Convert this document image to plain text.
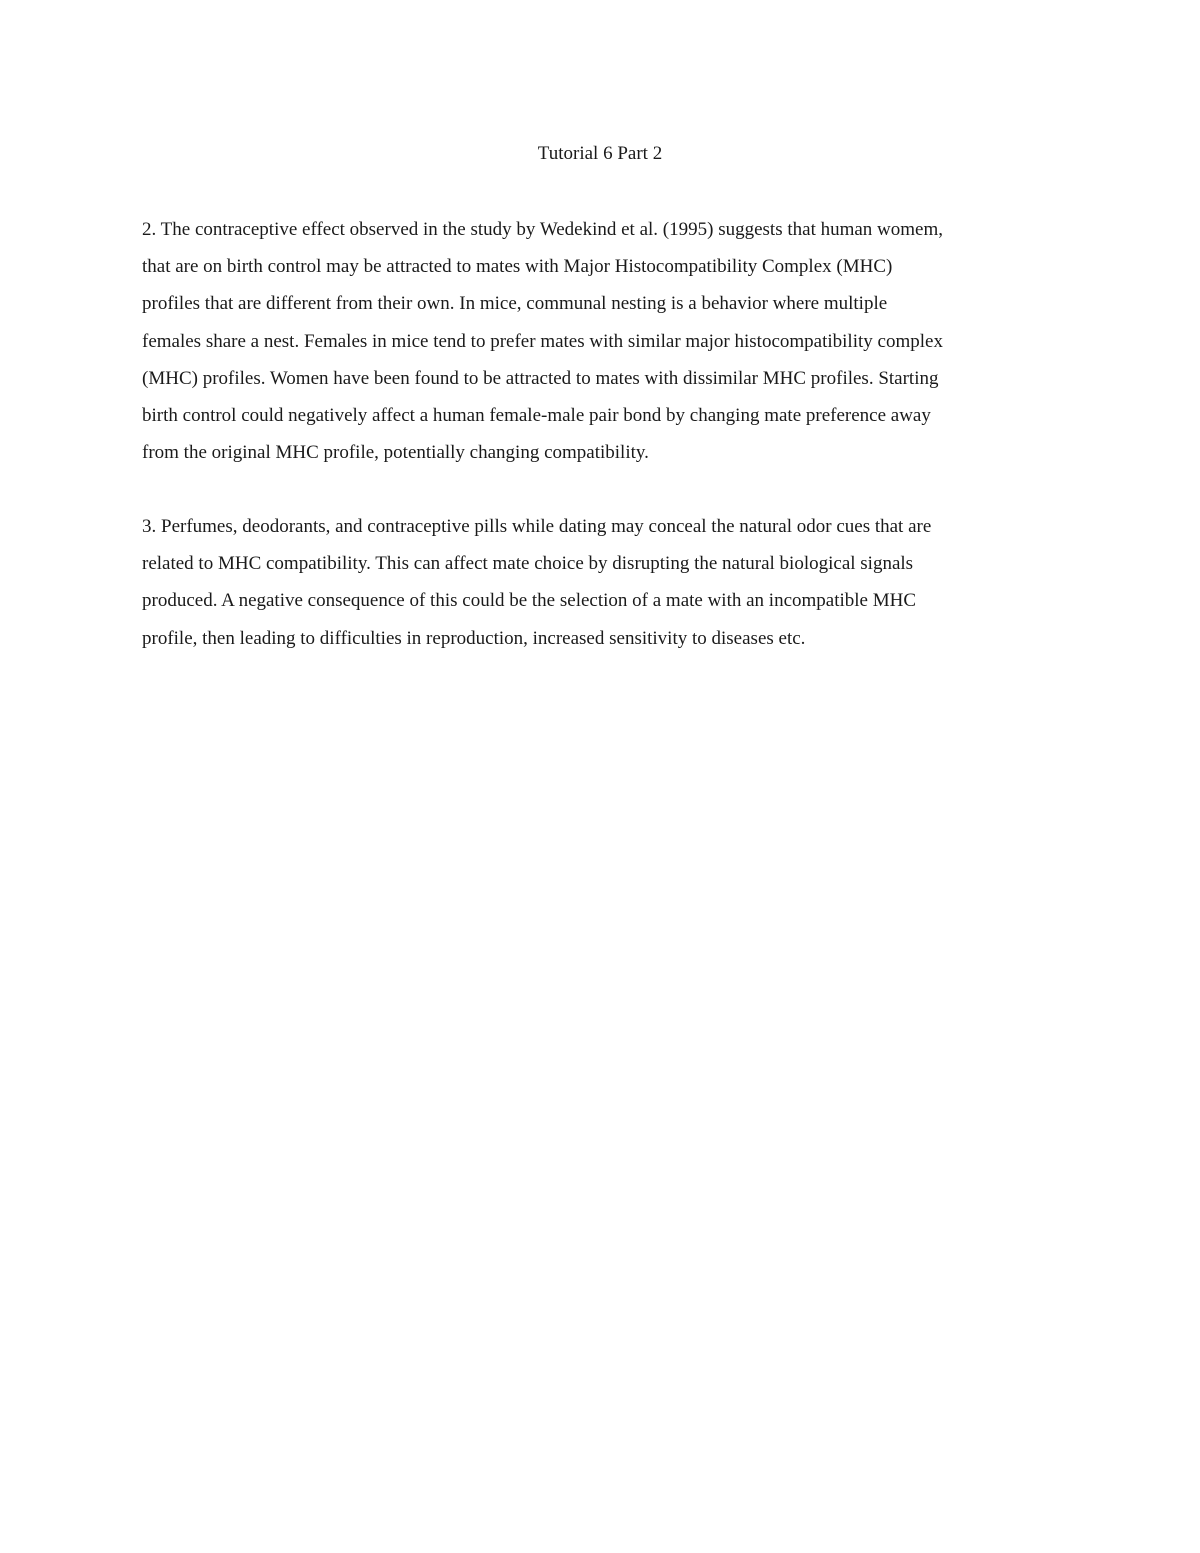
Tutorial 6 Part 2

2. The contraceptive effect observed in the study by Wedekind et al. (1995) suggests that human womem,
that are on birth control may be attracted to mates with Major Histocompatibility Complex (MHC)
profiles that are different from their own. In mice, communal nesting is a behavior where multiple
females share a nest. Females in mice tend to prefer mates with similar major histocompatibility complex
(MHC) profiles. Women have been found to be attracted to mates with dissimilar MHC profiles. Starting
birth control could negatively affect a human female-male pair bond by changing mate preference away
from the original MHC profile, potentially changing compatibility.

3. Perfumes, deodorants, and contraceptive pills while dating may conceal the natural odor cues that are
related to MHC compatibility. This can affect mate choice by disrupting the natural biological signals
produced. A negative consequence of this could be the selection of a mate with an incompatible MHC
profile, then leading to difficulties in reproduction, increased sensitivity to diseases etc.
